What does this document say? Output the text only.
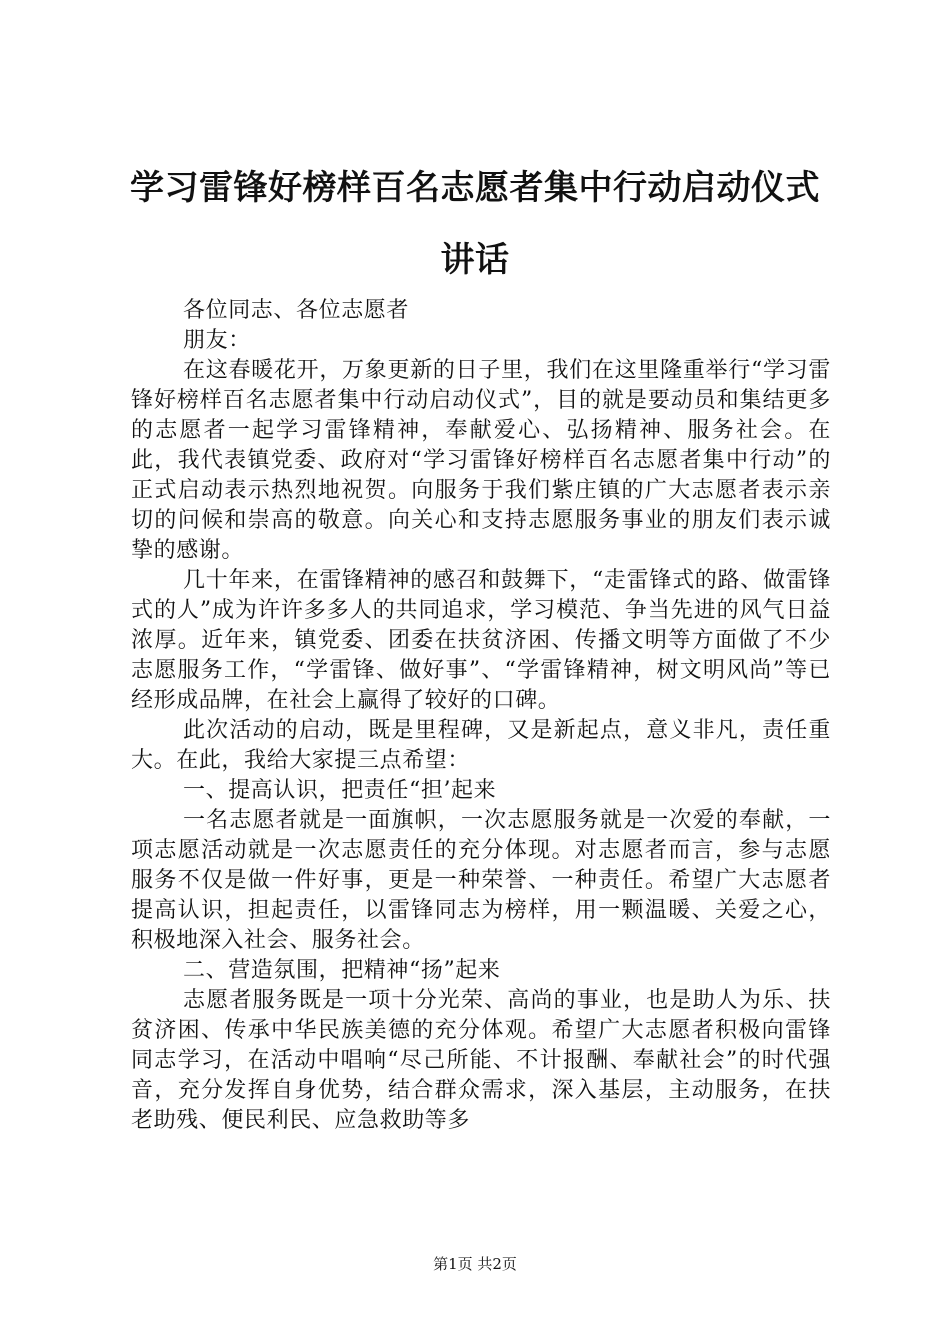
学习雷锋好榜样百名志愿者集中行动启动仪式
讲话

各位同志、各位志愿者

朋友：

在这春暖花开，万象更新的日子里，我们在这里隆重举行“学习雷锋好榜样百名志愿者集中行动启动仪式”，目的就是要动员和集结更多的志愿者一起学习雷锋精神，奉献爱心、弘扬精神、服务社会。在此，我代表镇党委、政府对“学习雷锋好榜样百名志愿者集中行动”的正式启动表示热烈地祝贺。向服务于我们紫庄镇的广大志愿者表示亲切的问候和崇高的敬意。向关心和支持志愿服务事业的朋友们表示诚挚的感谢。

几十年来，在雷锋精神的感召和鼓舞下，“走雷锋式的路、做雷锋式的人”成为许许多多人的共同追求，学习模范、争当先进的风气日益浓厚。近年来，镇党委、团委在扶贫济困、传播文明等方面做了不少志愿服务工作，“学雷锋、做好事”、“学雷锋精神，树文明风尚”等已经形成品牌，在社会上赢得了较好的口碑。

此次活动的启动，既是里程碑，又是新起点，意义非凡，责任重大。在此，我给大家提三点希望：

一、提高认识，把责任“担’起来

一名志愿者就是一面旗帜，一次志愿服务就是一次爱的奉献，一项志愿活动就是一次志愿责任的充分体现。对志愿者而言，参与志愿服务不仅是做一件好事，更是一种荣誉、一种责任。希望广大志愿者提高认识，担起责任，以雷锋同志为榜样，用一颗温暖、关爱之心，积极地深入社会、服务社会。

二、营造氛围，把精神“扬”起来

志愿者服务既是一项十分光荣、高尚的事业，也是助人为乐、扶贫济困、传承中华民族美德的充分体观。希望广大志愿者积极向雷锋同志学习，在活动中唱响“尽己所能、不计报酬、奉献社会”的时代强音，充分发挥自身优势，结合群众需求，深入基层，主动服务，在扶老助残、便民利民、应急救助等多

第1页 共2页
